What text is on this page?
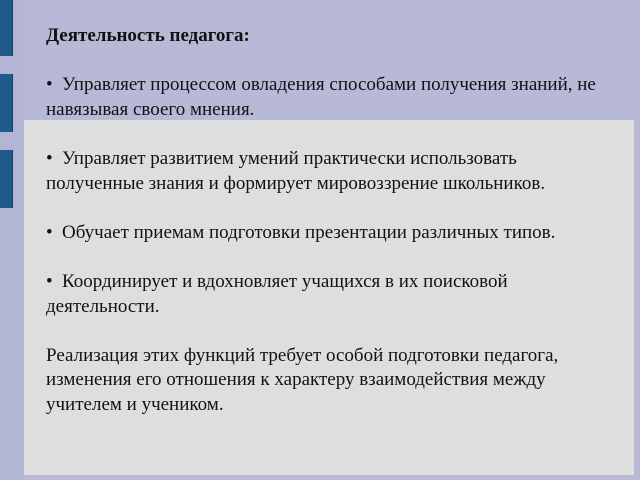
Деятельность педагога:

• Управляет процессом овладения способами получения знаний, не навязывая своего мнения.

• Управляет развитием умений практически использовать полученные знания и формирует мировоззрение школьников.

• Обучает приемам подготовки презентации различных типов.

• Координирует и вдохновляет учащихся в их поисковой деятельности.

Реализация этих функций требует особой подготовки педагога, изменения его отношения к характеру взаимодействия между учителем и учеником.
